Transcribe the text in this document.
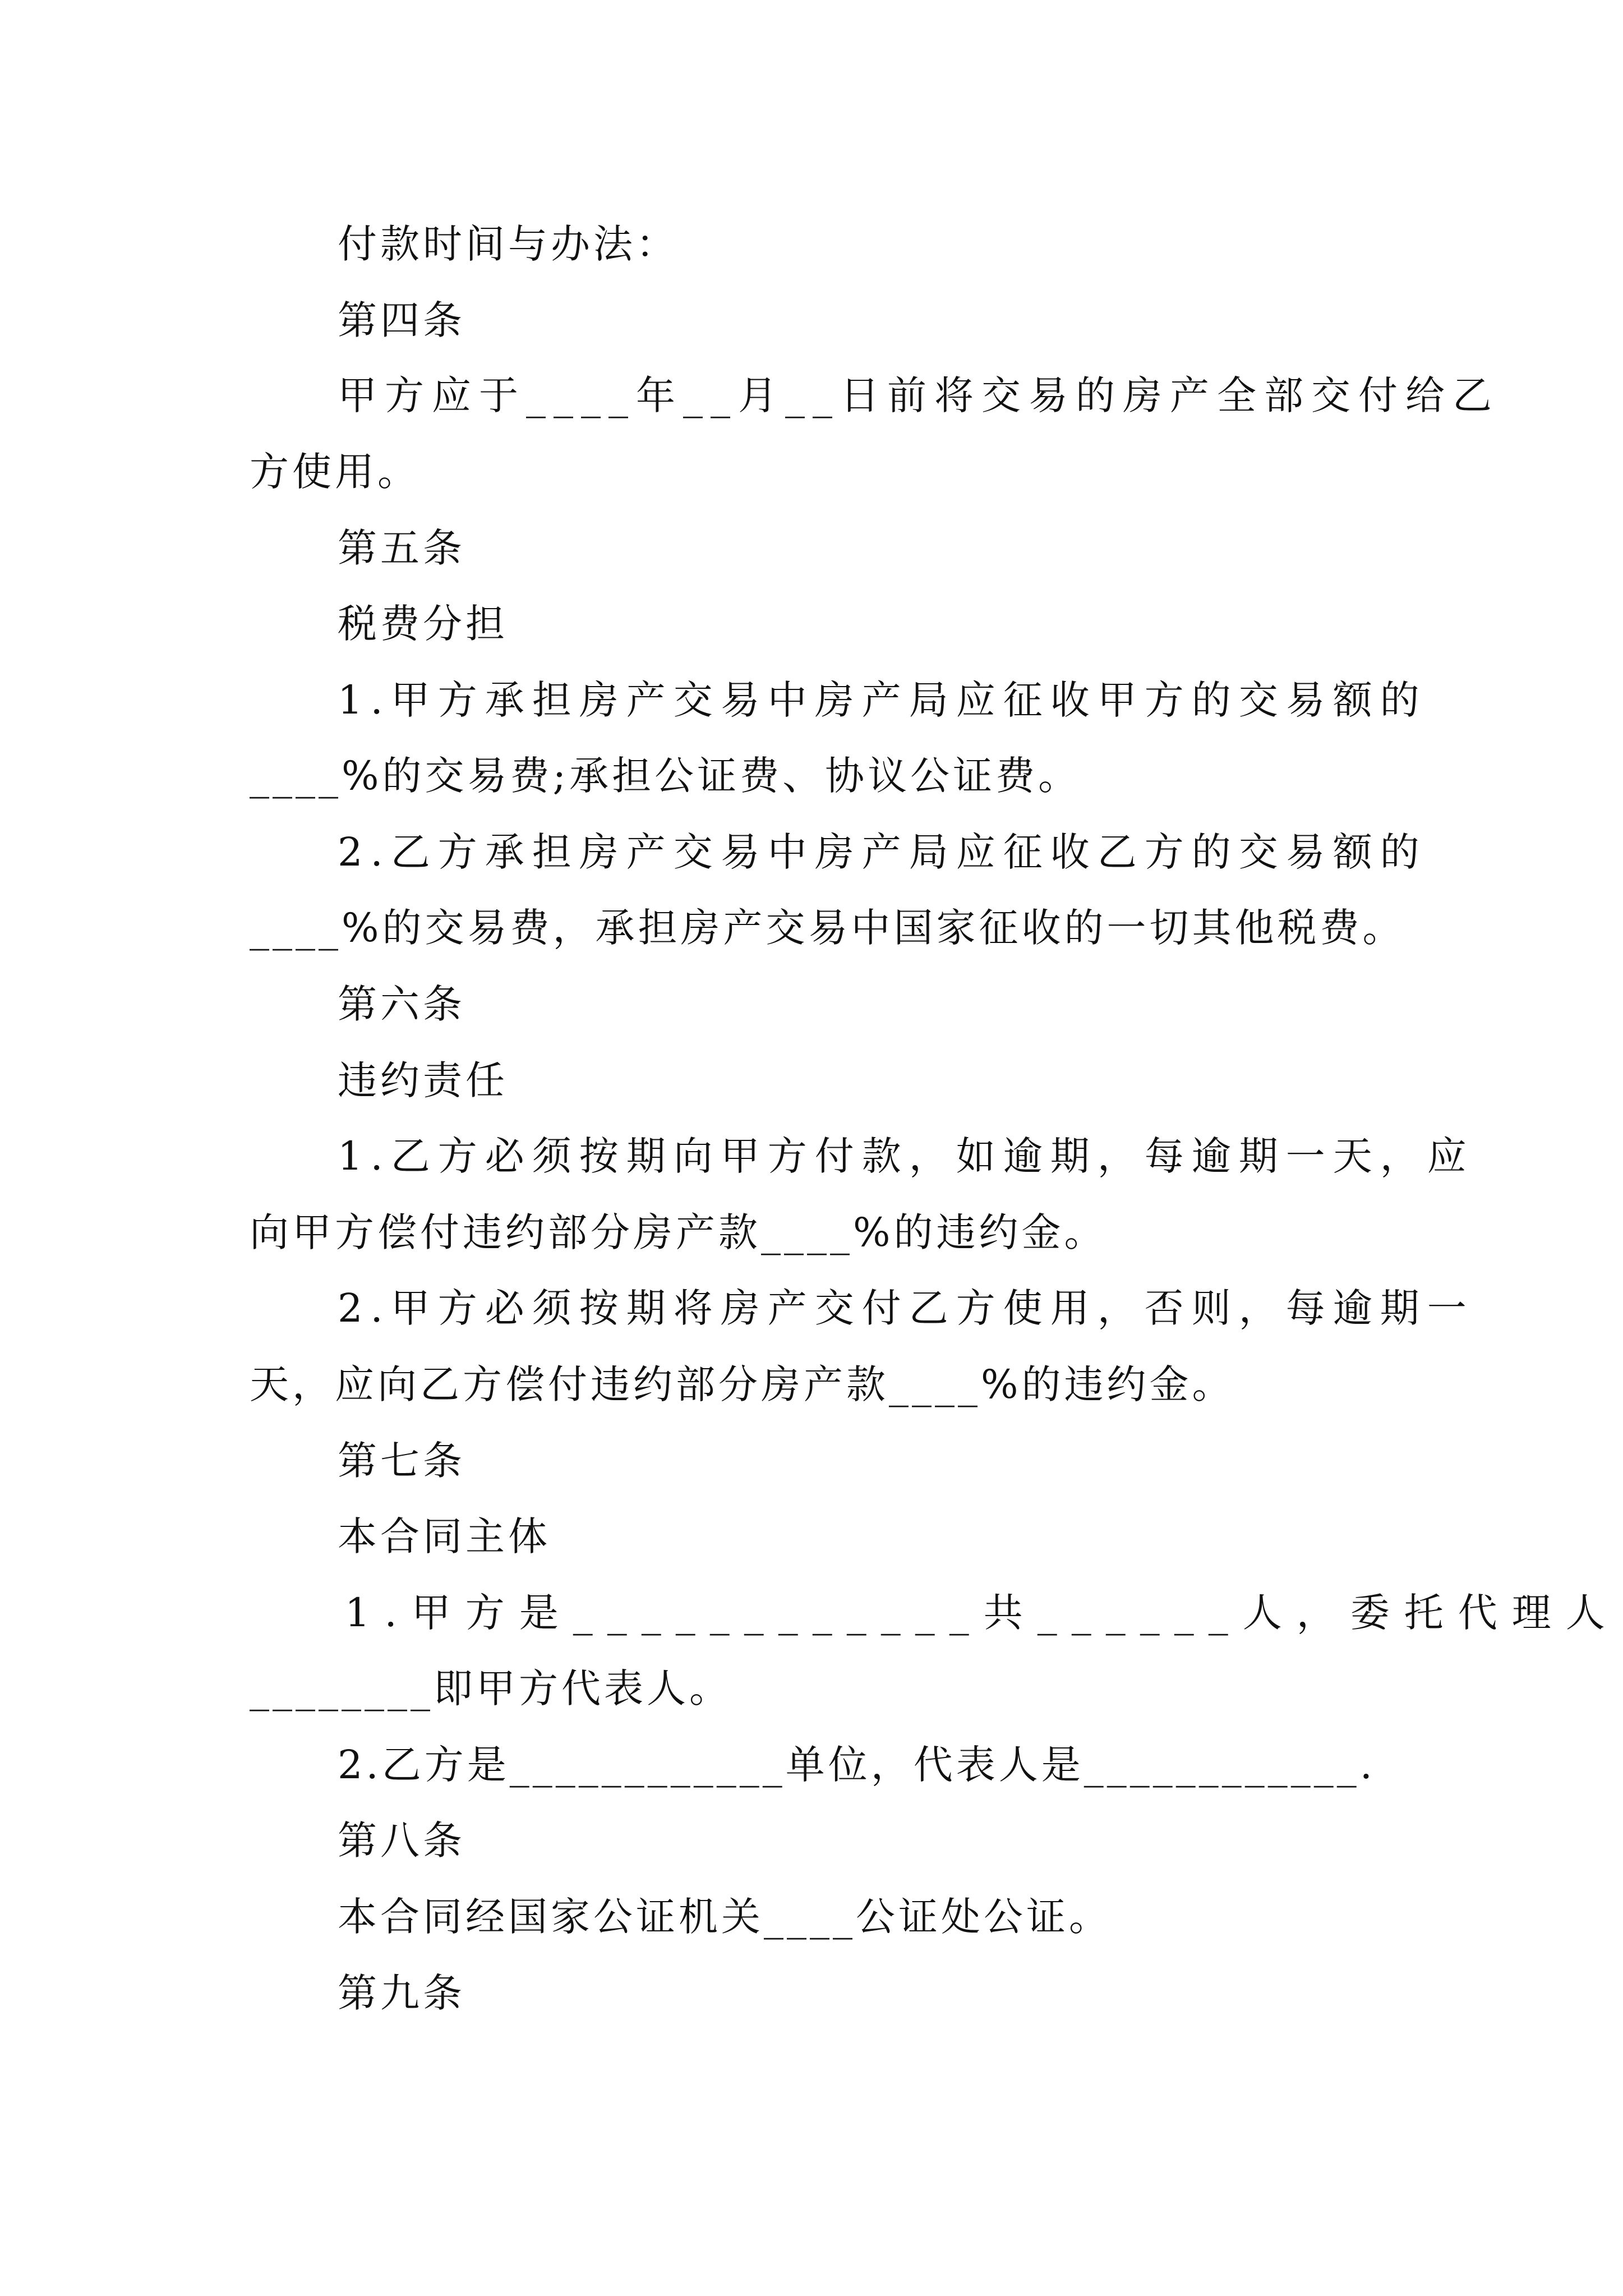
付款时间与办法：
第四条
甲方应于____年__月__日前将交易的房产全部交付给乙
方使用。
第五条
税费分担
1.甲方承担房产交易中房产局应征收甲方的交易额的
____%的交易费;承担公证费、协议公证费。
2.乙方承担房产交易中房产局应征收乙方的交易额的
____%的交易费，承担房产交易中国家征收的一切其他税费。
第六条
违约责任
1.乙方必须按期向甲方付款，如逾期，每逾期一天，应
向甲方偿付违约部分房产款____%的违约金。
2.甲方必须按期将房产交付乙方使用，否则，每逾期一
天，应向乙方偿付违约部分房产款____%的违约金。
第七条
本合同主体
1.甲方是____________共______人，委托代理人
________即甲方代表人。
2.乙方是____________单位，代表人是____________.
第八条
本合同经国家公证机关____公证处公证。
第九条
